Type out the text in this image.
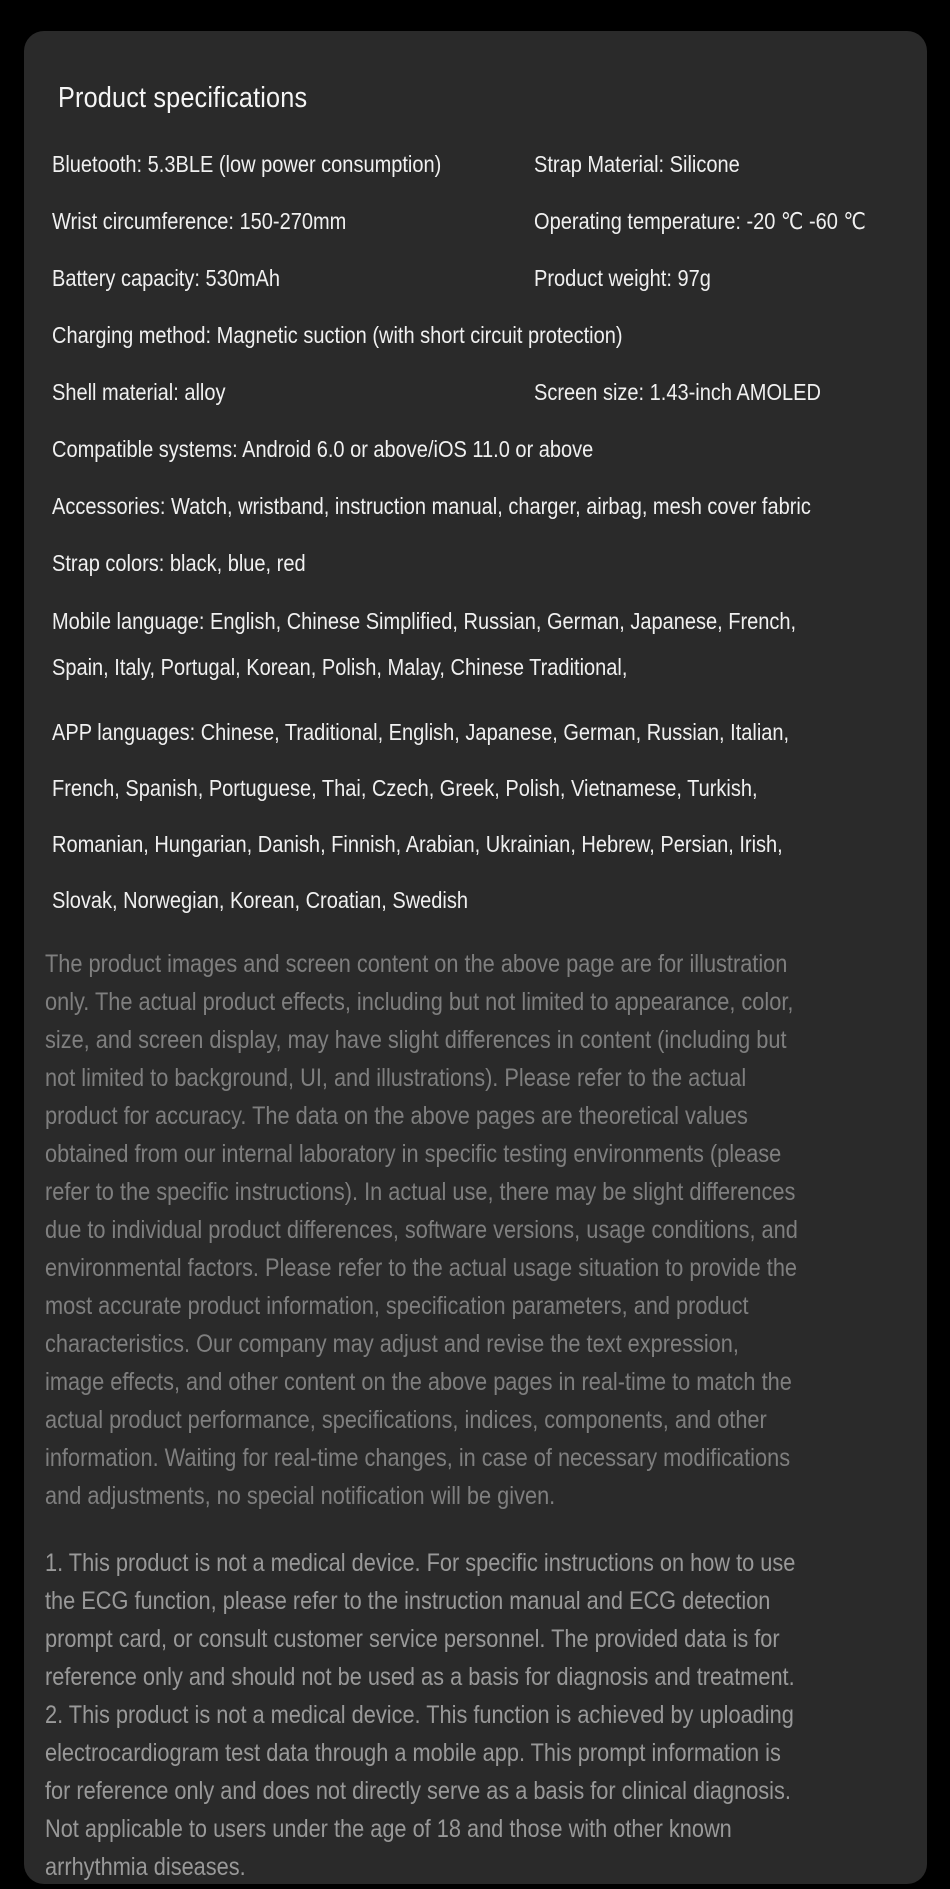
Product specifications
Bluetooth: 5.3BLE (low power consumption)	Strap Material: Silicone
Wrist circumference: 150-270mm	Operating temperature: -20 ℃ -60 ℃
Battery capacity: 530mAh	Product weight: 97g
Charging method: Magnetic suction (with short circuit protection)
Shell material: alloy	Screen size: 1.43-inch AMOLED
Compatible systems: Android 6.0 or above/iOS 11.0 or above
Accessories: Watch, wristband, instruction manual, charger, airbag, mesh cover fabric
Strap colors: black, blue, red
Mobile language: English, Chinese Simplified, Russian, German, Japanese, French,
Spain, Italy, Portugal, Korean, Polish, Malay, Chinese Traditional,
APP languages: Chinese, Traditional, English, Japanese, German, Russian, Italian,
French, Spanish, Portuguese, Thai, Czech, Greek, Polish, Vietnamese, Turkish,
Romanian, Hungarian, Danish, Finnish, Arabian, Ukrainian, Hebrew, Persian, Irish,
Slovak, Norwegian, Korean, Croatian, Swedish
The product images and screen content on the above page are for illustration
only. The actual product effects, including but not limited to appearance, color,
size, and screen display, may have slight differences in content (including but
not limited to background, UI, and illustrations). Please refer to the actual
product for accuracy. The data on the above pages are theoretical values
obtained from our internal laboratory in specific testing environments (please
refer to the specific instructions). In actual use, there may be slight differences
due to individual product differences, software versions, usage conditions, and
environmental factors. Please refer to the actual usage situation to provide the
most accurate product information, specification parameters, and product
characteristics. Our company may adjust and revise the text expression,
image effects, and other content on the above pages in real-time to match the
actual product performance, specifications, indices, components, and other
information. Waiting for real-time changes, in case of necessary modifications
and adjustments, no special notification will be given.
1. This product is not a medical device. For specific instructions on how to use
the ECG function, please refer to the instruction manual and ECG detection
prompt card, or consult customer service personnel. The provided data is for
reference only and should not be used as a basis for diagnosis and treatment.
2. This product is not a medical device. This function is achieved by uploading
electrocardiogram test data through a mobile app. This prompt information is
for reference only and does not directly serve as a basis for clinical diagnosis.
Not applicable to users under the age of 18 and those with other known
arrhythmia diseases.
